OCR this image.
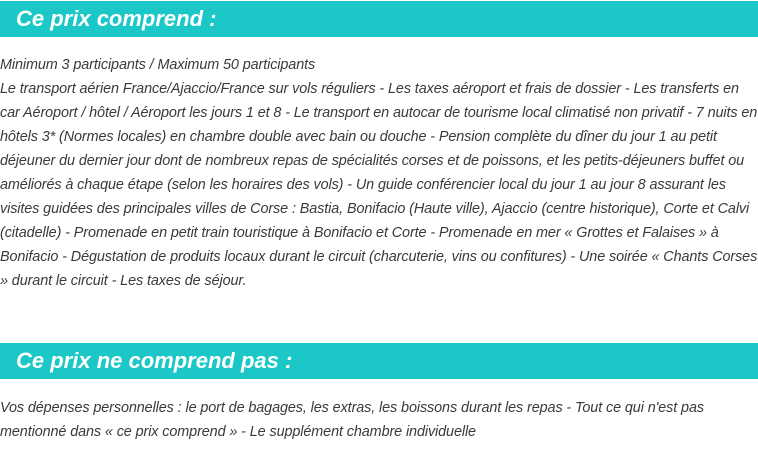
Ce prix comprend :
Minimum 3 participants / Maximum 50 participants
Le transport aérien France/Ajaccio/France sur vols réguliers - Les taxes aéroport et frais de dossier - Les transferts en car Aéroport / hôtel / Aéroport les jours 1 et 8 - Le transport en autocar de tourisme local climatisé non privatif - 7 nuits en hôtels 3* (Normes locales) en chambre double avec bain ou douche - Pension complète du dîner du jour 1 au petit déjeuner du dernier jour dont de nombreux repas de spécialités corses et de poissons, et les petits-déjeuners buffet ou améliorés à chaque étape (selon les horaires des vols) - Un guide conférencier local du jour 1 au jour 8 assurant les visites guidées des principales villes de Corse : Bastia, Bonifacio (Haute ville), Ajaccio (centre historique), Corte et Calvi (citadelle) - Promenade en petit train touristique à Bonifacio et Corte - Promenade en mer « Grottes et Falaises » à Bonifacio - Dégustation de produits locaux durant le circuit (charcuterie, vins ou confitures) - Une soirée « Chants Corses » durant le circuit - Les taxes de séjour.
Ce prix ne comprend pas :
Vos dépenses personnelles : le port de bagages, les extras, les boissons durant les repas - Tout ce qui n'est pas mentionné dans « ce prix comprend » - Le supplément chambre individuelle
